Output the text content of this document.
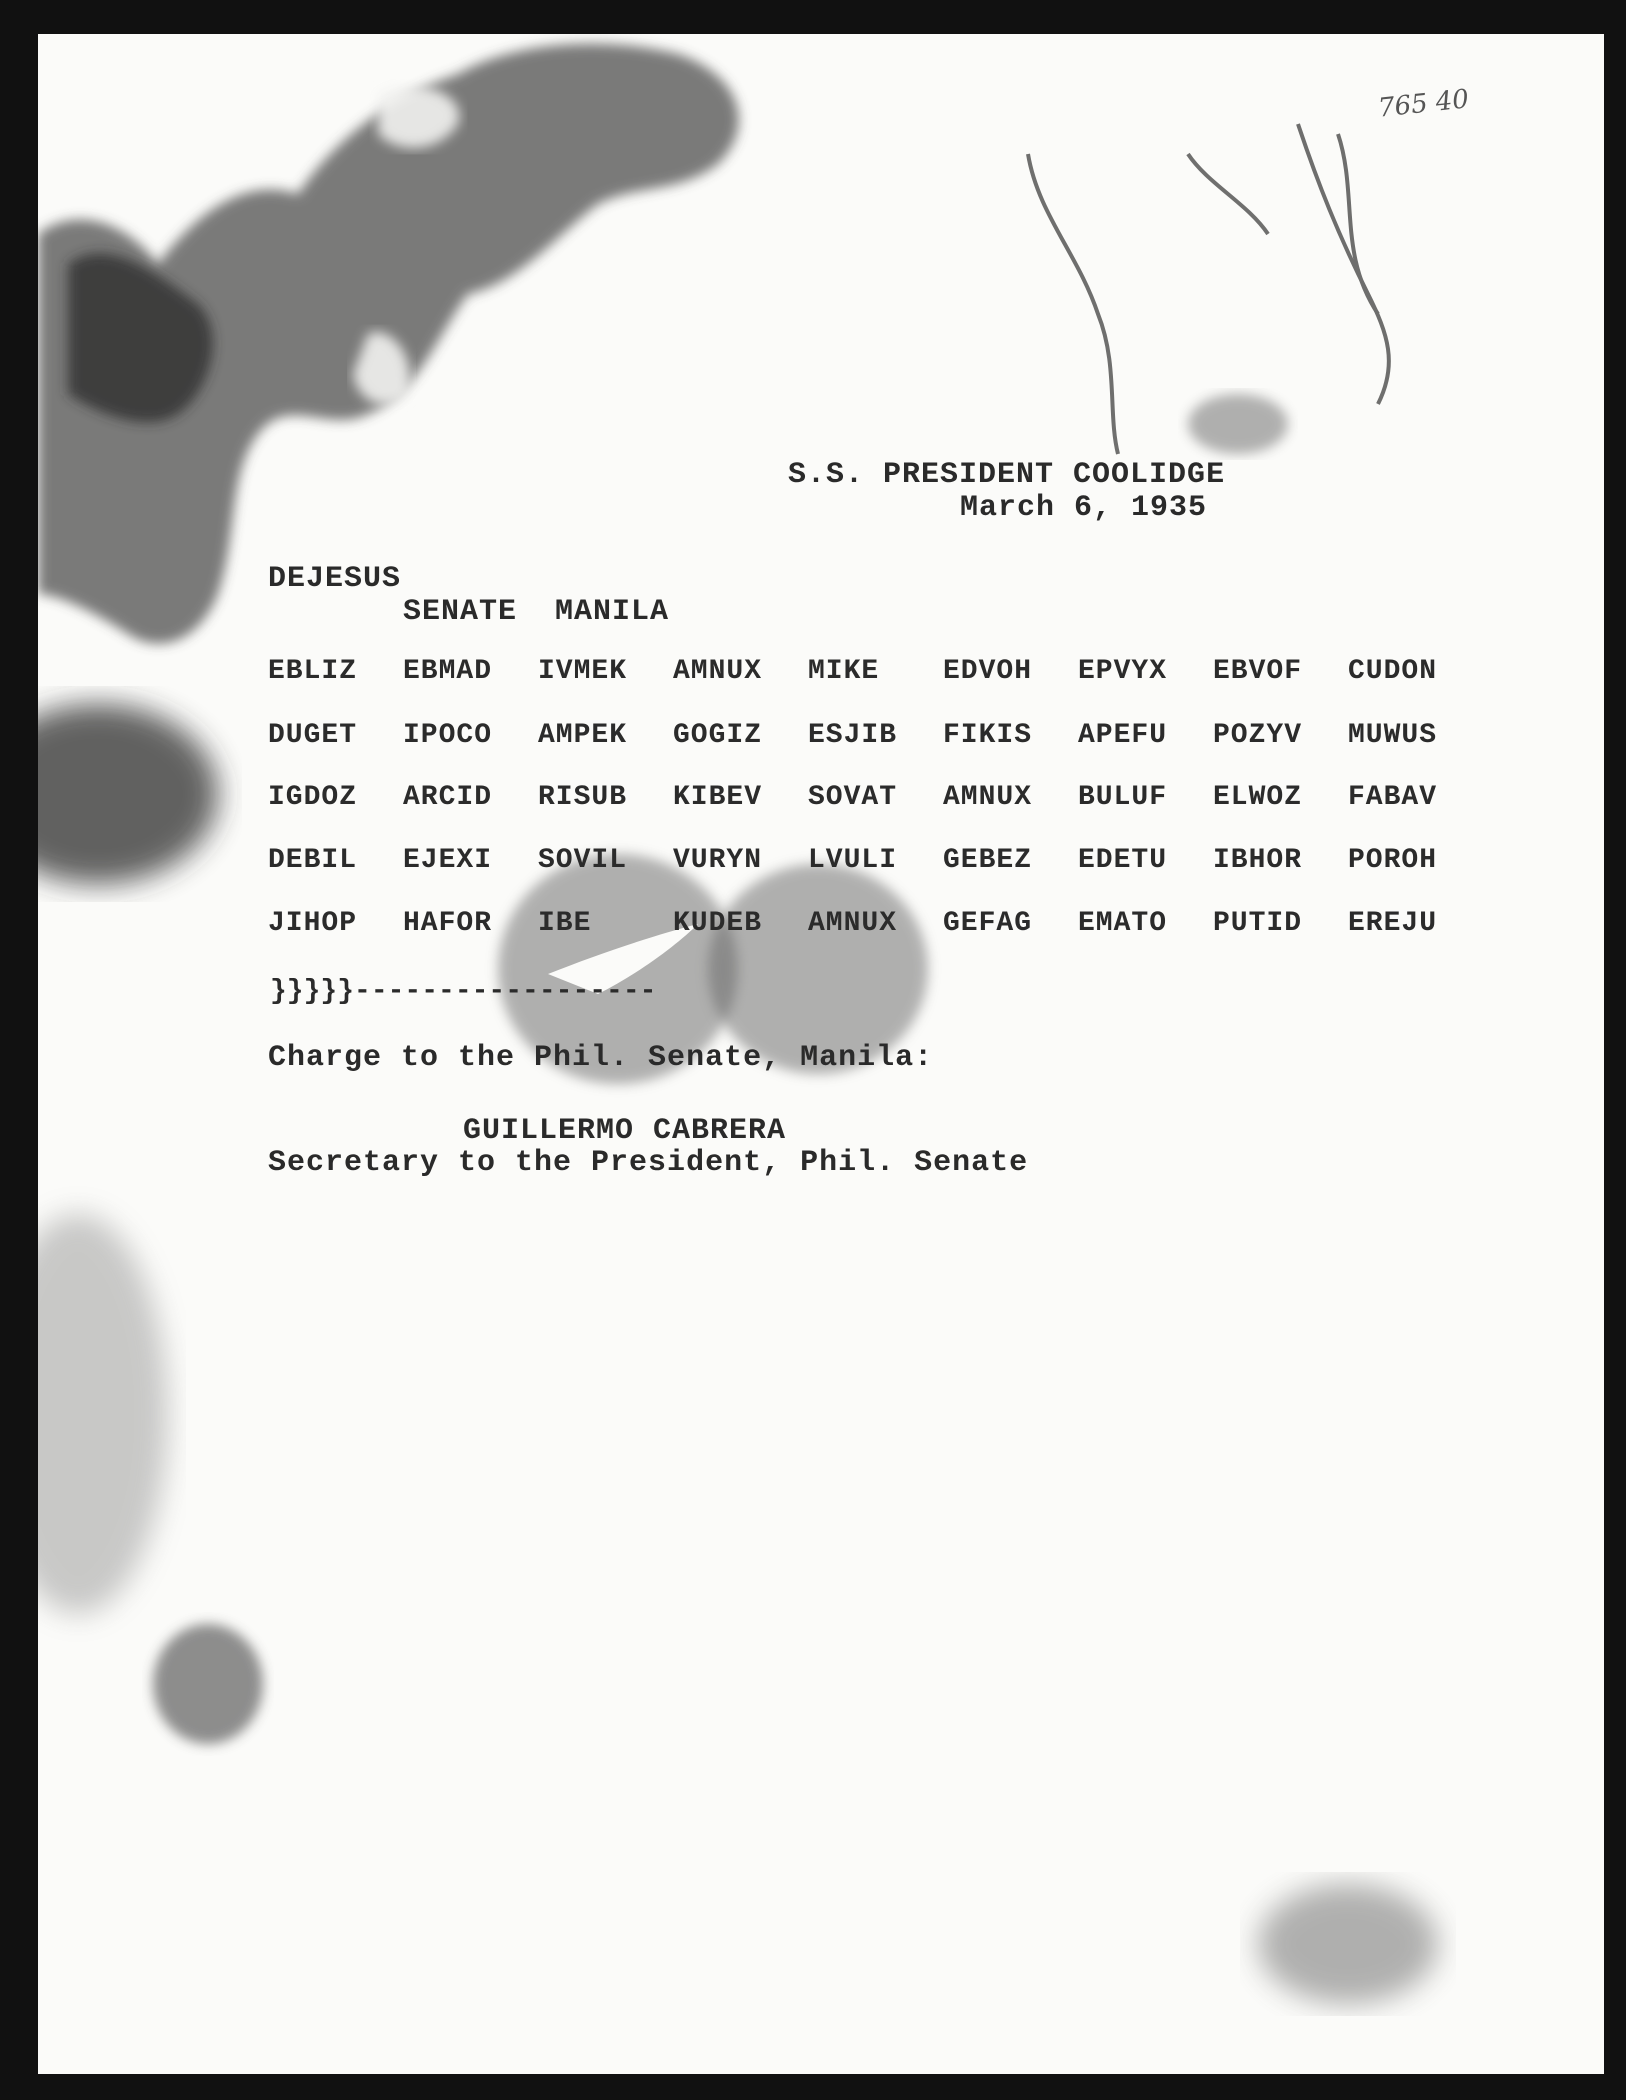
765 40
S.S. PRESIDENT COOLIDGE
March 6, 1935
DEJESUS
SENATE  MANILA
EBLIZ EBMAD IVMEK AMNUX MIKE EDVOH EPVYX EBVOF CUDON
DUGET IPOCO AMPEK GOGIZ ESJIB FIKIS APEFU POZYV MUWUS
IGDOZ ARCID RISUB KIBEV SOVAT AMNUX BULUF ELWOZ FABAV
DEBIL EJEXI SOVIL VURYN LVULI GEBEZ EDETU IBHOR POROH
JIHOP HAFOR IBE	KUDEB AMNUX GEFAG EMATO PUTID EREJU
}}}}}------------------
Charge to the Phil. Senate, Manila:
GUILLERMO CABRERA
Secretary to the President, Phil. Senate
